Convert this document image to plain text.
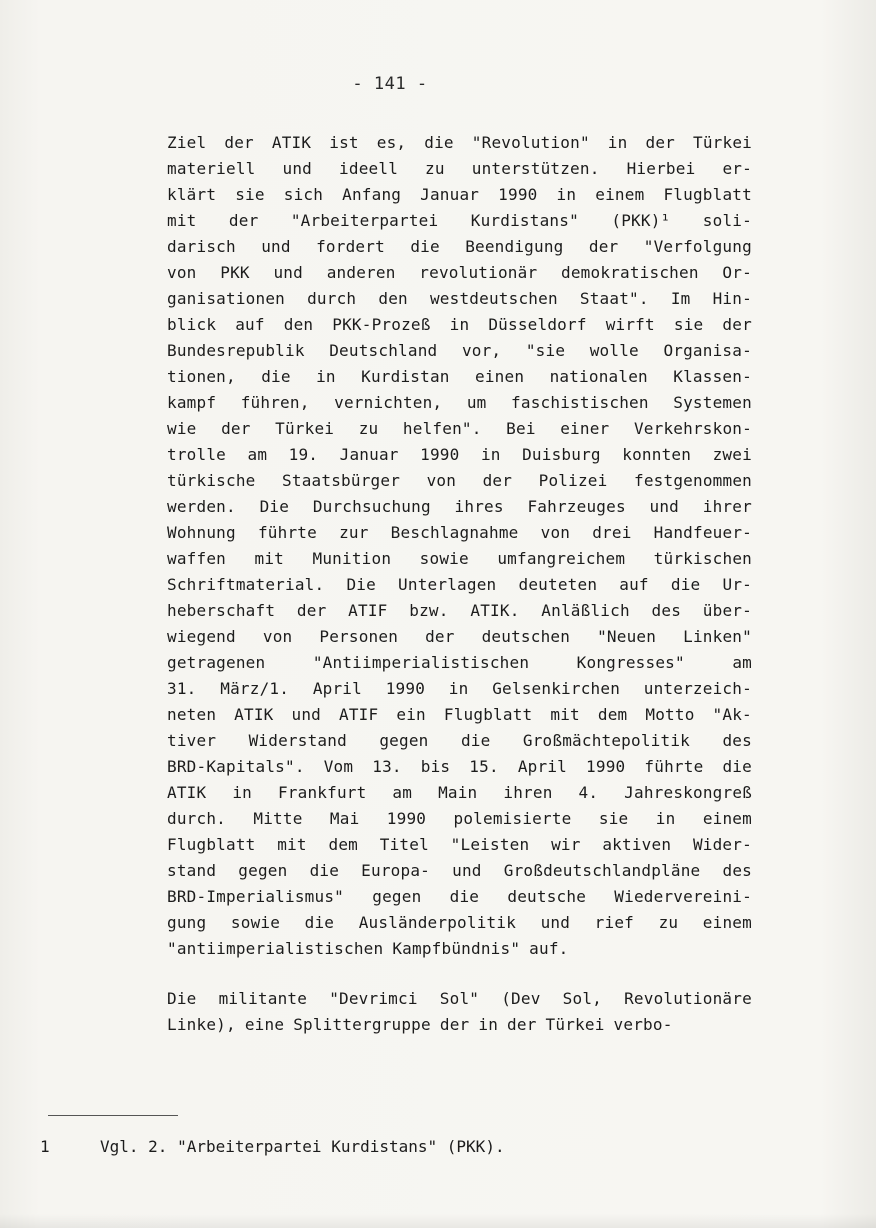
- 141 -
Ziel der ATIK ist es, die "Revolution" in der Türkei
materiell und ideell zu unterstützen. Hierbei er-
klärt sie sich Anfang Januar 1990 in einem Flugblatt
mit der "Arbeiterpartei Kurdistans" (PKK)¹ soli-
darisch und fordert die Beendigung der "Verfolgung
von PKK und anderen revolutionär demokratischen Or-
ganisationen durch den westdeutschen Staat". Im Hin-
blick auf den PKK-Prozeß in Düsseldorf wirft sie der
Bundesrepublik Deutschland vor, "sie wolle Organisa-
tionen, die in Kurdistan einen nationalen Klassen-
kampf führen, vernichten, um faschistischen Systemen
wie der Türkei zu helfen". Bei einer Verkehrskon-
trolle am 19. Januar 1990 in Duisburg konnten zwei
türkische Staatsbürger von der Polizei festgenommen
werden. Die Durchsuchung ihres Fahrzeuges und ihrer
Wohnung führte zur Beschlagnahme von drei Handfeuer-
waffen mit Munition sowie umfangreichem türkischen
Schriftmaterial. Die Unterlagen deuteten auf die Ur-
heberschaft der ATIF bzw. ATIK. Anläßlich des über-
wiegend von Personen der deutschen "Neuen Linken"
getragenen	"Antiimperialistischen	Kongresses"	am
31. März/1. April 1990 in Gelsenkirchen unterzeich-
neten ATIK und ATIF ein Flugblatt mit dem Motto "Ak-
tiver Widerstand gegen die Großmächtepolitik des
BRD-Kapitals". Vom 13. bis 15. April 1990 führte die
ATIK in Frankfurt am Main ihren 4. Jahreskongreß
durch. Mitte Mai 1990 polemisierte sie in einem
Flugblatt mit dem Titel "Leisten wir aktiven Wider-
stand gegen die Europa- und Großdeutschlandpläne des
BRD-Imperialismus" gegen die deutsche Wiedervereini-
gung sowie die Ausländerpolitik und rief zu einem
"antiimperialistischen Kampfbündnis" auf.
Die militante "Devrimci Sol" (Dev Sol, Revolutionäre
Linke), eine Splittergruppe der in der Türkei verbo-
1	Vgl. 2. "Arbeiterpartei Kurdistans" (PKK).
